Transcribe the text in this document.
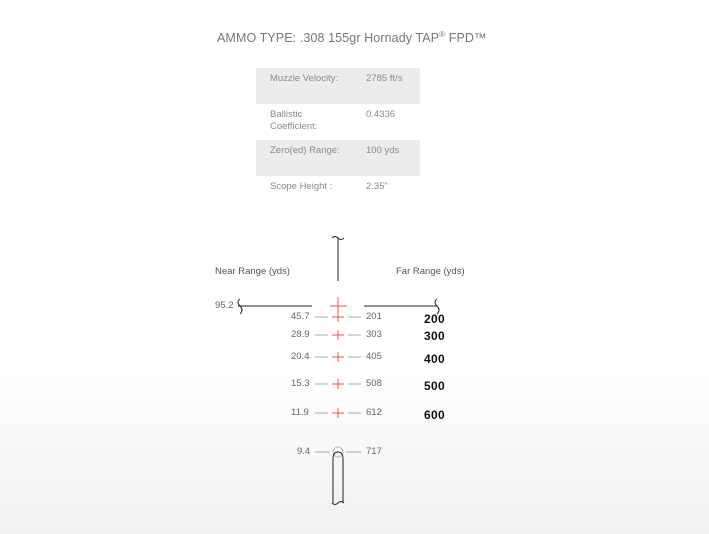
AMMO TYPE: .308 155gr Hornady TAP® FPD™
Muzzle Velocity:	2785 ft/s
Ballistic Coefficient:
0.4336
Zero(ed) Range:	100 yds
Scope Height :	2.35"
Near Range (yds)	Far Range (yds)
95.2
45.7	201	200
28.9	303	300
20.4	405	400
15.3	508	500
11.9	612	600
9.4	717
